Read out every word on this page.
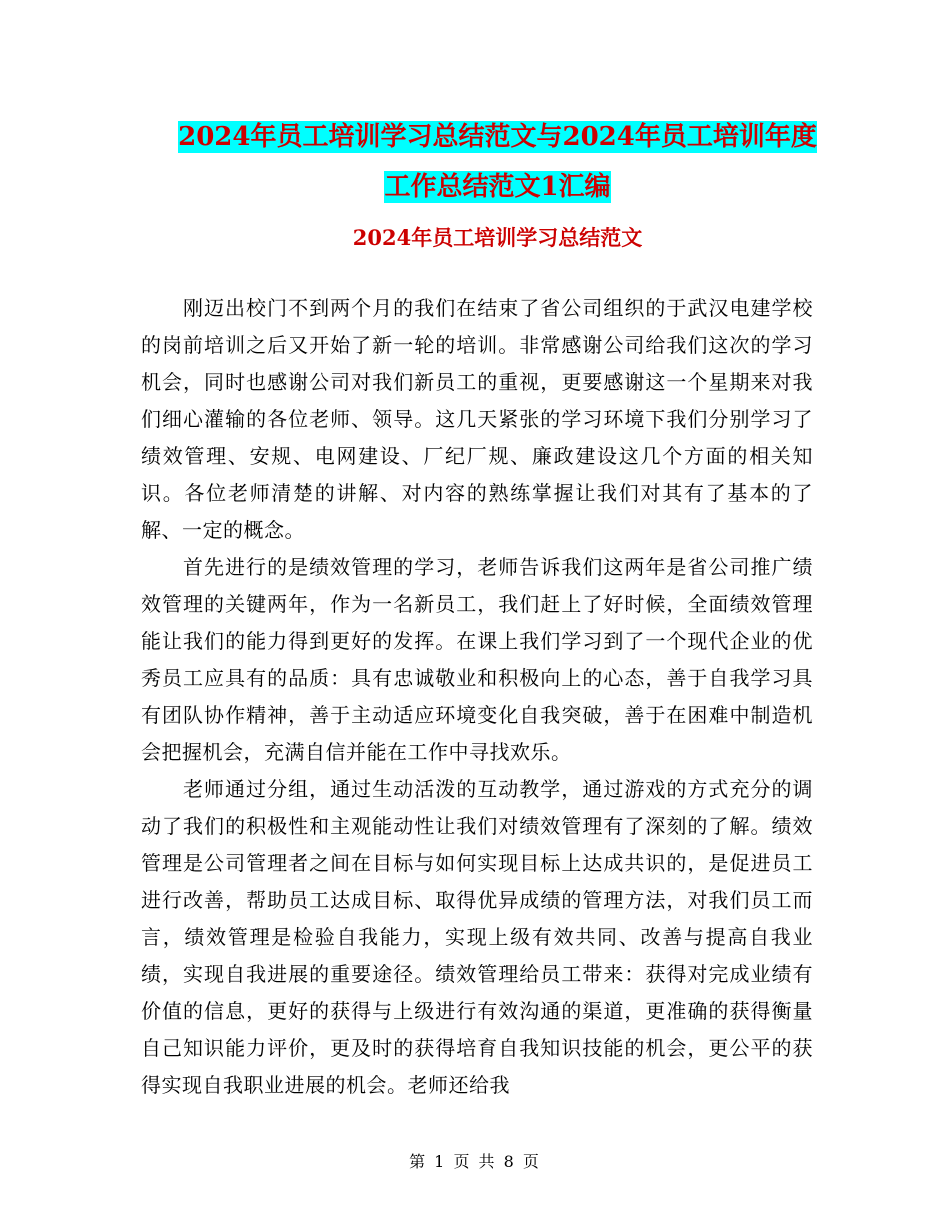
2024年员工培训学习总结范文与2024年员工培训年度
工作总结范文1汇编
2024年员工培训学习总结范文

刚迈出校门不到两个月的我们在结束了省公司组织的于武汉电建学校的岗前培训之后又开始了新一轮的培训。非常感谢公司给我们这次的学习机会，同时也感谢公司对我们新员工的重视，更要感谢这一个星期来对我们细心灌输的各位老师、领导。这几天紧张的学习环境下我们分别学习了绩效管理、安规、电网建设、厂纪厂规、廉政建设这几个方面的相关知识。各位老师清楚的讲解、对内容的熟练掌握让我们对其有了基本的了解、一定的概念。

首先进行的是绩效管理的学习，老师告诉我们这两年是省公司推广绩效管理的关键两年，作为一名新员工，我们赶上了好时候，全面绩效管理能让我们的能力得到更好的发挥。在课上我们学习到了一个现代企业的优秀员工应具有的品质：具有忠诚敬业和积极向上的心态，善于自我学习具有团队协作精神，善于主动适应环境变化自我突破，善于在困难中制造机会把握机会，充满自信并能在工作中寻找欢乐。

老师通过分组，通过生动活泼的互动教学，通过游戏的方式充分的调动了我们的积极性和主观能动性让我们对绩效管理有了深刻的了解。绩效管理是公司管理者之间在目标与如何实现目标上达成共识的，是促进员工进行改善，帮助员工达成目标、取得优异成绩的管理方法，对我们员工而言，绩效管理是检验自我能力，实现上级有效共同、改善与提高自我业绩，实现自我进展的重要途径。绩效管理给员工带来：获得对完成业绩有价值的信息，更好的获得与上级进行有效沟通的渠道，更准确的获得衡量自己知识能力评价，更及时的获得培育自我知识技能的机会，更公平的获得实现自我职业进展的机会。老师还给我

第 1 页 共 8 页
